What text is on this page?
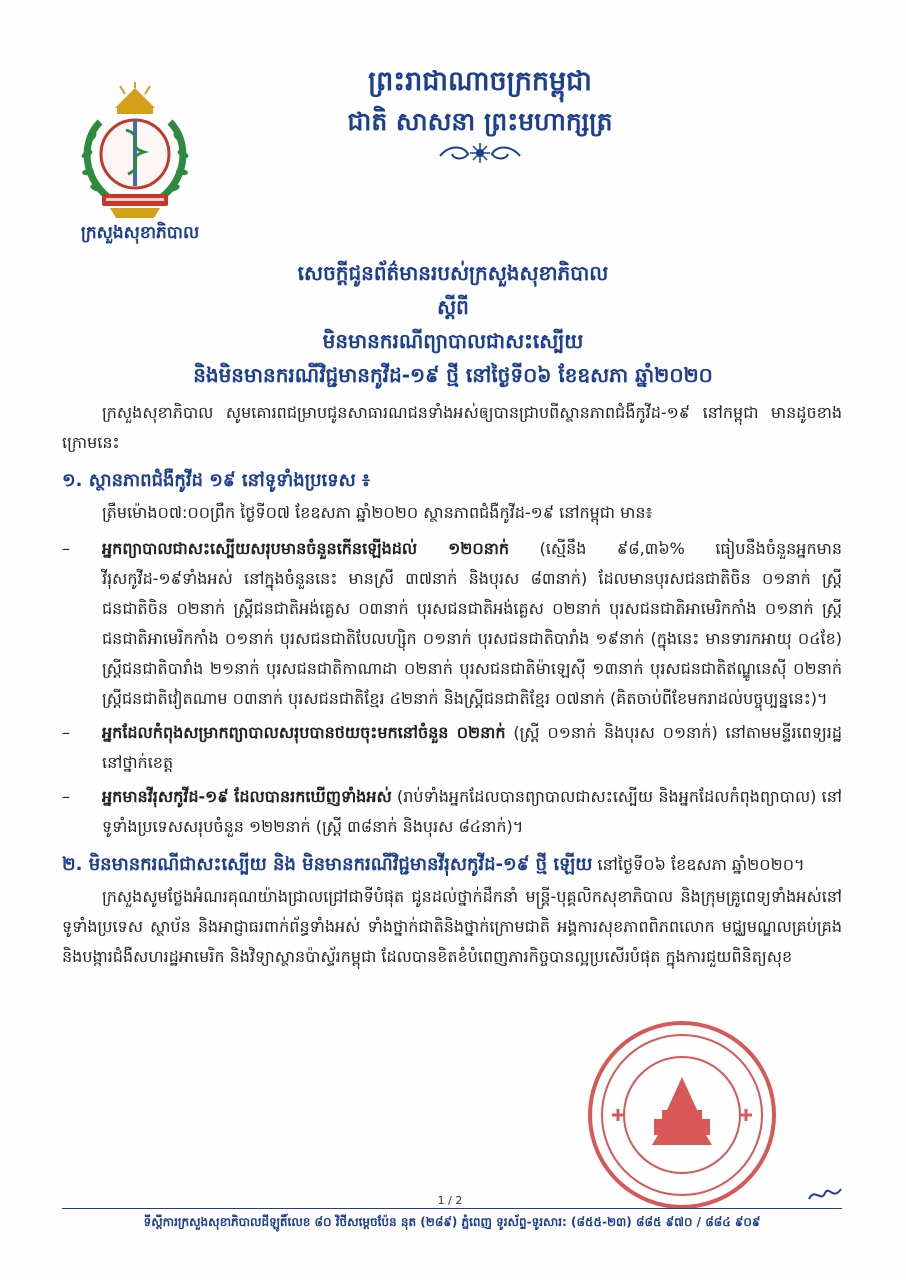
ក្រសួងសុខាភិបាល
ព្រះរាជាណាចក្រកម្ពុជា
ជាតិ សាសនា ព្រះមហាក្សត្រ
សេចក្តីជូនព័ត៌មានរបស់ក្រសួងសុខាភិបាល
ស្តីពី
មិនមានករណីព្យាបាលជាសះស្បើយ
និងមិនមានករណីវិជ្ជមានកូវីដ-១៩ ថ្មី នៅថ្ងៃទី០៦ ខែឧសភា ឆ្នាំ២០២០

ក្រសួងសុខាភិបាល សូមគោរពជម្រាបជូនសាធារណជនទាំងអស់ឲ្យបានជ្រាបពីស្ថានភាពជំងឺកូវីដ-១៩ នៅកម្ពុជា មានដូចខាងក្រោមនេះ

១. ស្ថានភាពជំងឺកូវីដ ១៩ នៅទូទាំងប្រទេស ៖

ត្រឹមម៉ោង០៧:០០ព្រឹក ថ្ងៃទី០៧ ខែឧសភា ឆ្នាំ២០២០ ស្ថានភាពជំងឺកូវីដ-១៩ នៅកម្ពុជា មាន៖

–	អ្នកព្យាបាលជាសះស្បើយសរុបមានចំនួនកើនឡើងដល់ ១២០នាក់ (ស្មើនឹង ៩៨,៣៦% ធៀបនឹងចំនួនអ្នកមានវីរុសកូវីដ-១៩ទាំងអស់ នៅក្នុងចំនួននេះ មានស្រី ៣៧នាក់ និងបុរស ៨៣នាក់) ដែលមានបុរសជនជាតិចិន ០១នាក់ ស្ត្រីជនជាតិចិន ០២នាក់ ស្ត្រីជនជាតិអង់គ្លេស ០៣នាក់ បុរសជនជាតិអង់គ្លេស ០២នាក់ បុរសជនជាតិអាមេរិកកាំង ០១នាក់ ស្ត្រីជនជាតិអាមេរិកកាំង ០១នាក់ បុរសជនជាតិបែលហ្ស៊ិក ០១នាក់ បុរសជនជាតិបារាំង ១៩នាក់ (ក្នុងនេះ មានទារកអាយុ ០៤ខែ) ស្ត្រីជនជាតិបារាំង ២១នាក់ បុរសជនជាតិកាណាដា ០២នាក់ បុរសជនជាតិម៉ាឡេស៊ី ១៣នាក់ បុរសជនជាតិឥណ្ឌូនេស៊ី ០២នាក់ ស្ត្រីជនជាតិវៀតណាម ០៣នាក់ បុរសជនជាតិខ្មែរ ៤២នាក់ និងស្ត្រីជនជាតិខ្មែរ ០៧នាក់ (គិតចាប់ពីខែមករាដល់បច្ចុប្បន្ននេះ)។
–	អ្នកដែលកំពុងសម្រាកព្យាបាលសរុបបានថយចុះមកនៅចំនួន ០២នាក់ (ស្ត្រី ០១នាក់ និងបុរស ០១នាក់) នៅតាមមន្ទីរពេទ្យរដ្ឋនៅថ្នាក់ខេត្ត
–	អ្នកមានវីរុសកូវីដ-១៩ ដែលបានរកឃើញទាំងអស់ (រាប់ទាំងអ្នកដែលបានព្យាបាលជាសះស្បើយ និងអ្នកដែលកំពុងព្យាបាល) នៅទូទាំងប្រទេសសរុបចំនួន ១២២នាក់ (ស្ត្រី ៣៨នាក់ និងបុរស ៨៤នាក់)។
២. មិនមានករណីជាសះស្បើយ និង មិនមានករណីវិជ្ជមានវីរុសកូវីដ-១៩ ថ្មី ឡើយ នៅថ្ងៃទី០៦ ខែឧសភា ឆ្នាំ២០២០។

ក្រសួងសូមថ្លែងអំណរគុណយ៉ាងជ្រាលជ្រៅជាទីបំផុត ជូនដល់ថ្នាក់ដឹកនាំ មន្ត្រី-បុគ្គលិកសុខាភិបាល និងក្រុមគ្រូពេទ្យទាំងអស់នៅទូទាំងប្រទេស ស្ថាប័ន និងអាជ្ញាធរពាក់ព័ន្ធទាំងអស់ ទាំងថ្នាក់ជាតិនិងថ្នាក់ក្រោមជាតិ អង្គការសុខភាពពិភពលោក មជ្ឈមណ្ឌលគ្រប់គ្រងនិងបង្ការជំងឺសហរដ្ឋអាមេរិក និងវិទ្យាស្ថានប៉ាស្ទ័រកម្ពុជា ដែលបានខិតខំបំពេញភារកិច្ចបានល្អប្រសើរបំផុត ក្នុងការជួយពិនិត្យសុខ

1 / 2
ទីស្តីការក្រសួងសុខាភិបាលដីឡូតិ៍លេខ ៨០ វិថីសម្តេចប៉ែន នុត (២៨៩) ភ្នំពេញ ទូរស័ព្ទ-ទូរសារ: (៨៥៥-២៣) ៨៨៥ ៩៧០ / ៨៨៤ ៩០៩
